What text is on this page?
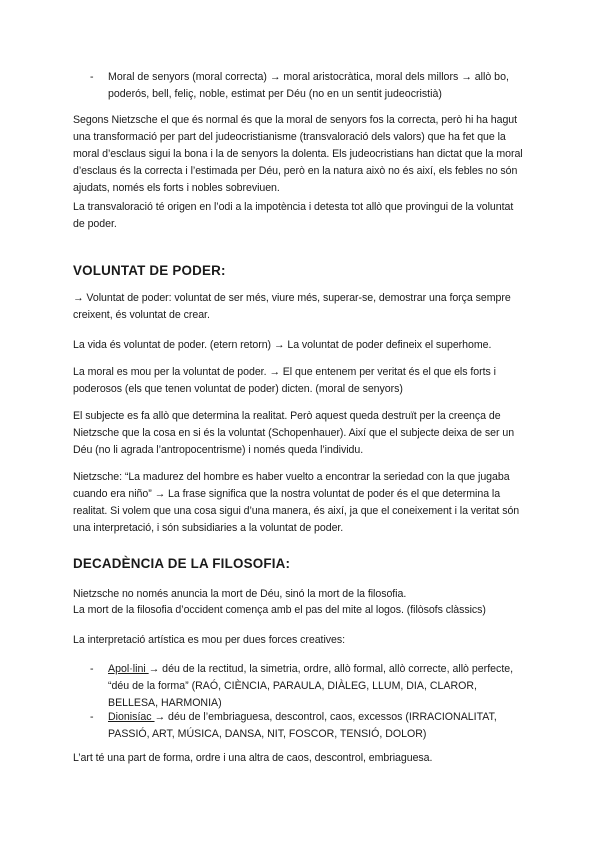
- Moral de senyors (moral correcta) → moral aristocràtica, moral dels millors → allò bo, poderós, bell, feliç, noble, estimat per Déu (no en un sentit judeocristià)

Segons Nietzsche el que és normal és que la moral de senyors fos la correcta, però hi ha hagut una transformació per part del judeocristianisme (transvaloració dels valors) que ha fet que la moral d’esclaus sigui la bona i la de senyors la dolenta. Els judeocristians han dictat que la moral d’esclaus és la correcta i l’estimada per Déu, però en la natura això no és així, els febles no són ajudats, només els forts i nobles sobreviuen.

La transvaloració té origen en l’odi a la impotència i detesta tot allò que provingui de la voluntat de poder.

VOLUNTAT DE PODER:

→ Voluntat de poder: voluntat de ser més, viure més, superar-se, demostrar una força sempre creixent, és voluntat de crear.

La vida és voluntat de poder. (etern retorn) → La voluntat de poder defineix el superhome.

La moral es mou per la voluntat de poder. → El que entenem per veritat és el que els forts i poderosos (els que tenen voluntat de poder) dicten. (moral de senyors)

El subjecte es fa allò que determina la realitat. Però aquest queda destruït per la creença de Nietzsche que la cosa en si és la voluntat (Schopenhauer). Així que el subjecte deixa de ser un Déu (no li agrada l’antropocentrisme) i només queda l’individu.

Nietzsche: “La madurez del hombre es haber vuelto a encontrar la seriedad con la que jugaba cuando era niño” → La frase significa que la nostra voluntat de poder és el que determina la realitat. Si volem que una cosa sigui d’una manera, és així, ja que el coneixement i la veritat són una interpretació, i són subsidiaries a la voluntat de poder.

DECADÈNCIA DE LA FILOSOFIA:

Nietzsche no només anuncia la mort de Déu, sinó la mort de la filosofia.

La mort de la filosofia d’occident comença amb el pas del mite al logos. (filòsofs clàssics)

La interpretació artística es mou per dues forces creatives:

- Apol·lini → déu de la rectitud, la simetria, ordre, allò formal, allò correcte, allò perfecte, “déu de la forma” (RAÓ, CIÈNCIA, PARAULA, DIÀLEG, LLUM, DIA, CLAROR, BELLESA, HARMONIA)

- Dionisíac → déu de l’embriaguesa, descontrol, caos, excessos (IRRACIONALITAT, PASSIÓ, ART, MÚSICA, DANSA, NIT, FOSCOR, TENSIÓ, DOLOR)

L’art té una part de forma, ordre i una altra de caos, descontrol, embriaguesa.
